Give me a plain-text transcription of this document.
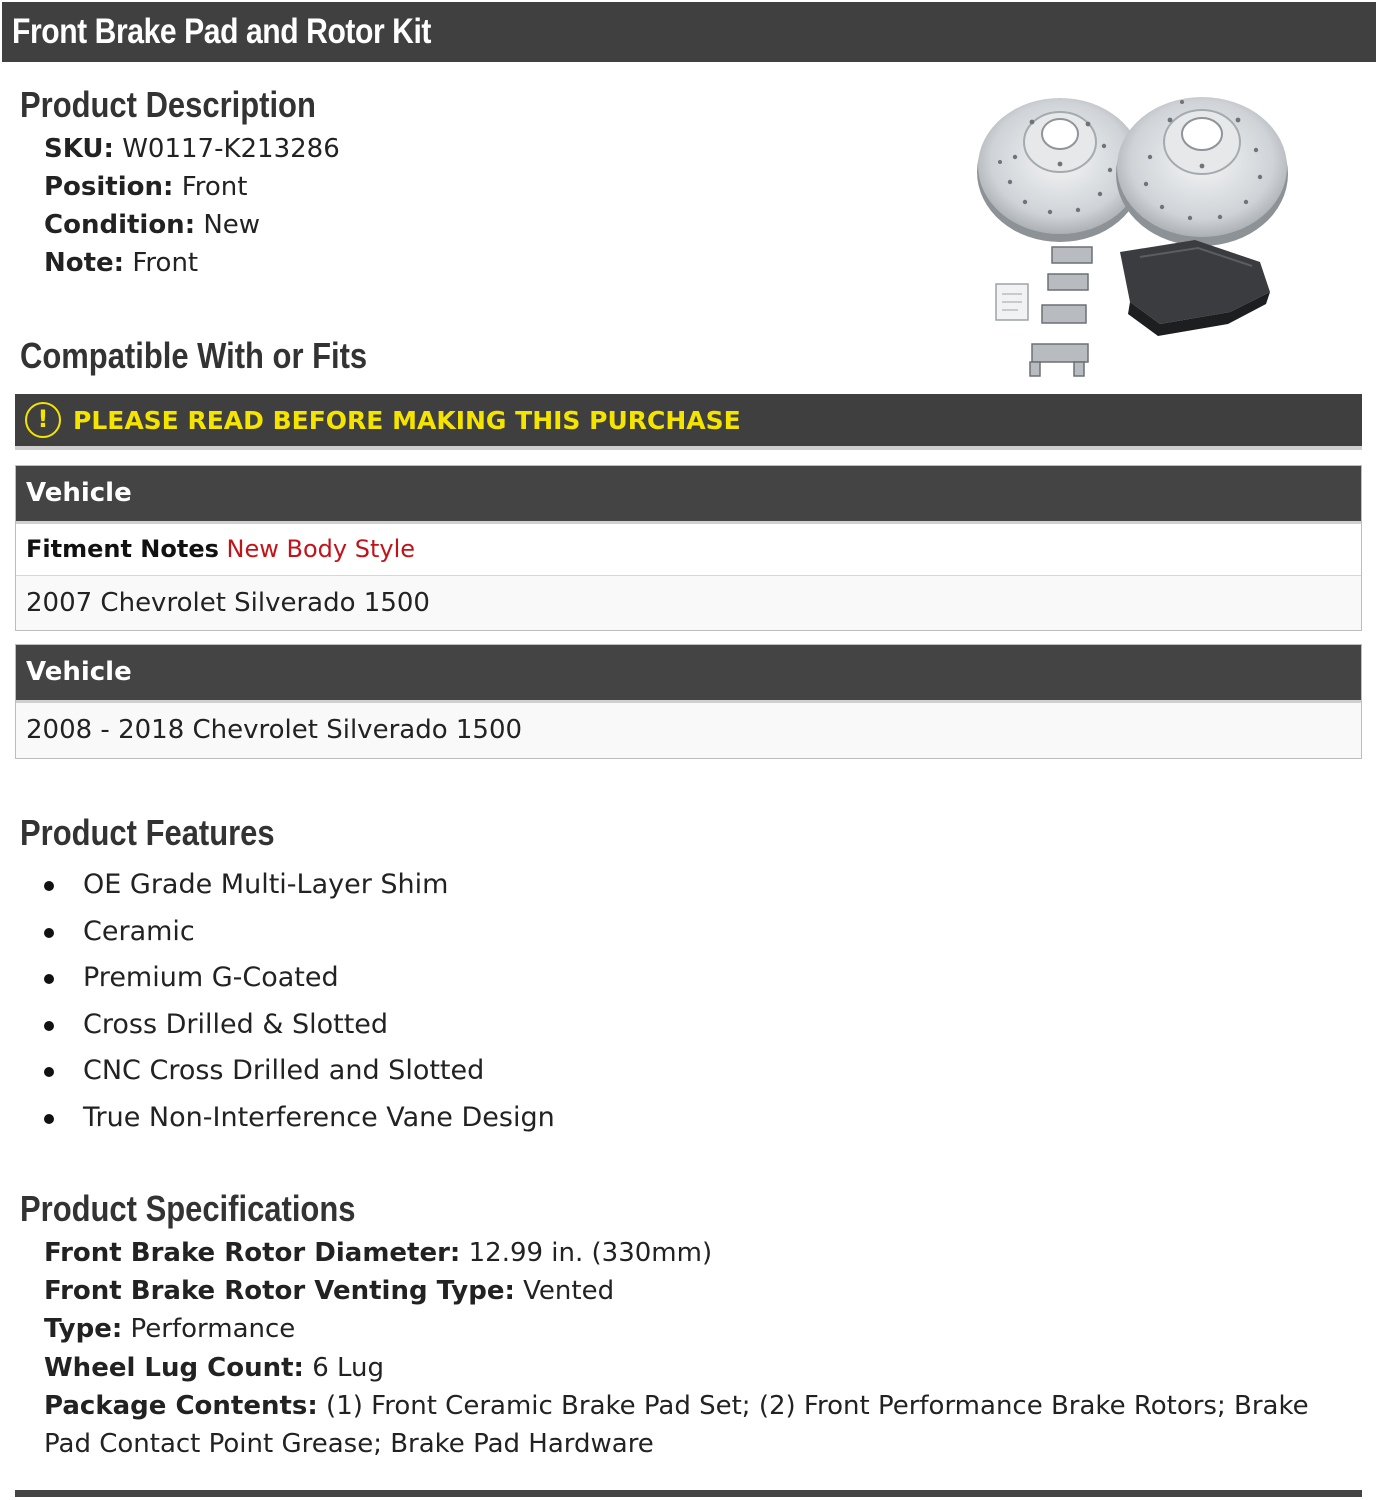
Front Brake Pad and Rotor Kit
Product Description
SKU: W0117-K213286
Position: Front
Condition: New
Note: Front
Compatible With or Fits
! PLEASE READ BEFORE MAKING THIS PURCHASE
Vehicle
Fitment Notes New Body Style
2007 Chevrolet Silverado 1500
Vehicle
2008 - 2018 Chevrolet Silverado 1500
Product Features
OE Grade Multi-Layer Shim
Ceramic
Premium G-Coated
Cross Drilled & Slotted
CNC Cross Drilled and Slotted
True Non-Interference Vane Design
Product Specifications
Front Brake Rotor Diameter: 12.99 in. (330mm)
Front Brake Rotor Venting Type: Vented
Type: Performance
Wheel Lug Count: 6 Lug
Package Contents: (1) Front Ceramic Brake Pad Set; (2) Front Performance Brake Rotors; Brake Pad Contact Point Grease; Brake Pad Hardware
